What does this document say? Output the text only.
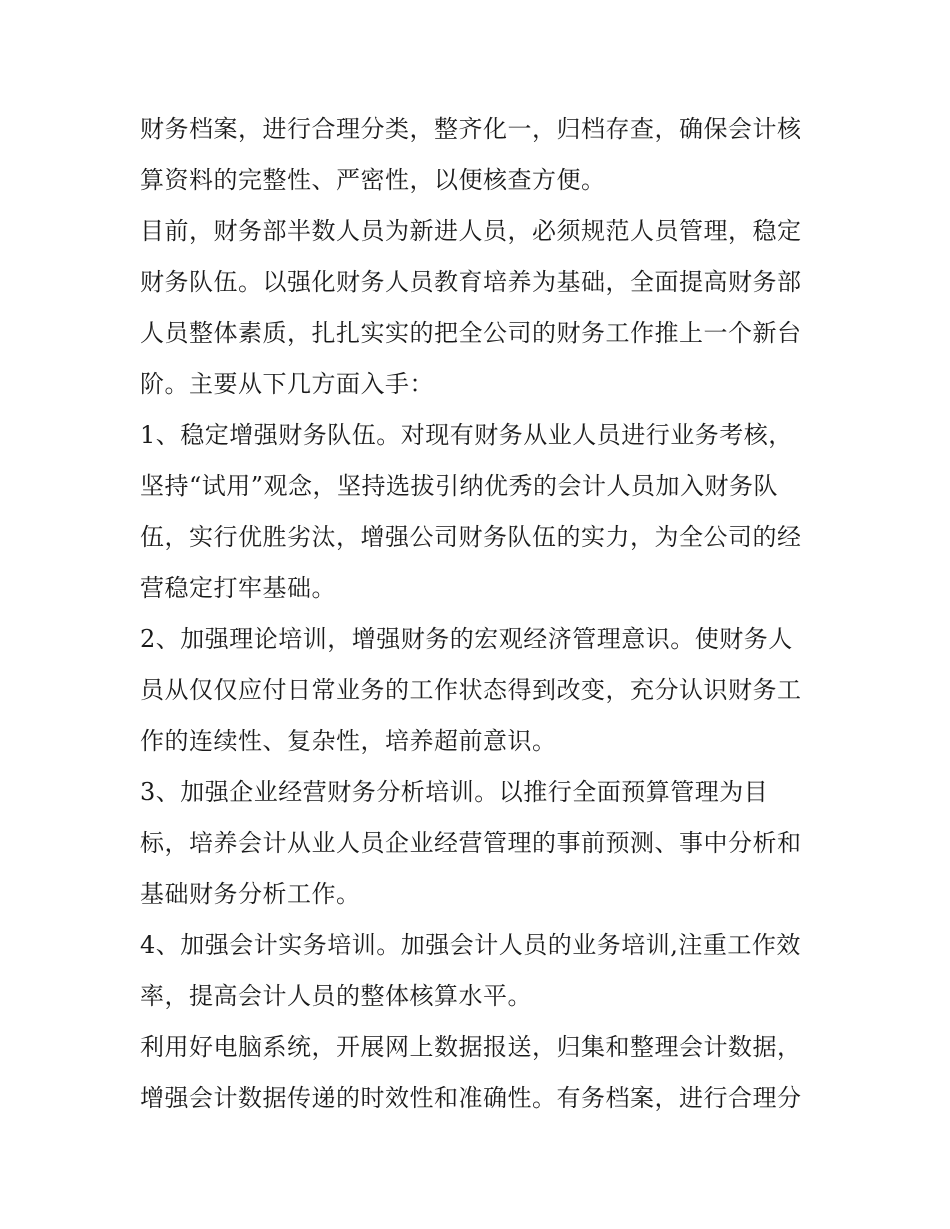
财务档案，进行合理分类，整齐化一，归档存查，确保会计核
算资料的完整性、严密性，以便核查方便。
目前，财务部半数人员为新进人员，必须规范人员管理，稳定
财务队伍。以强化财务人员教育培养为基础，全面提高财务部
人员整体素质，扎扎实实的把全公司的财务工作推上一个新台
阶。主要从下几方面入手：
1、稳定增强财务队伍。对现有财务从业人员进行业务考核，
坚持“试用”观念，坚持选拔引纳优秀的会计人员加入财务队
伍，实行优胜劣汰，增强公司财务队伍的实力，为全公司的经
营稳定打牢基础。
2、加强理论培训，增强财务的宏观经济管理意识。使财务人
员从仅仅应付日常业务的工作状态得到改变，充分认识财务工
作的连续性、复杂性，培养超前意识。
3、加强企业经营财务分析培训。以推行全面预算管理为目
标，培养会计从业人员企业经营管理的事前预测、事中分析和
基础财务分析工作。
4、加强会计实务培训。加强会计人员的业务培训,注重工作效
率，提高会计人员的整体核算水平。
利用好电脑系统，开展网上数据报送，归集和整理会计数据，
增强会计数据传递的时效性和准确性。有务档案，进行合理分
